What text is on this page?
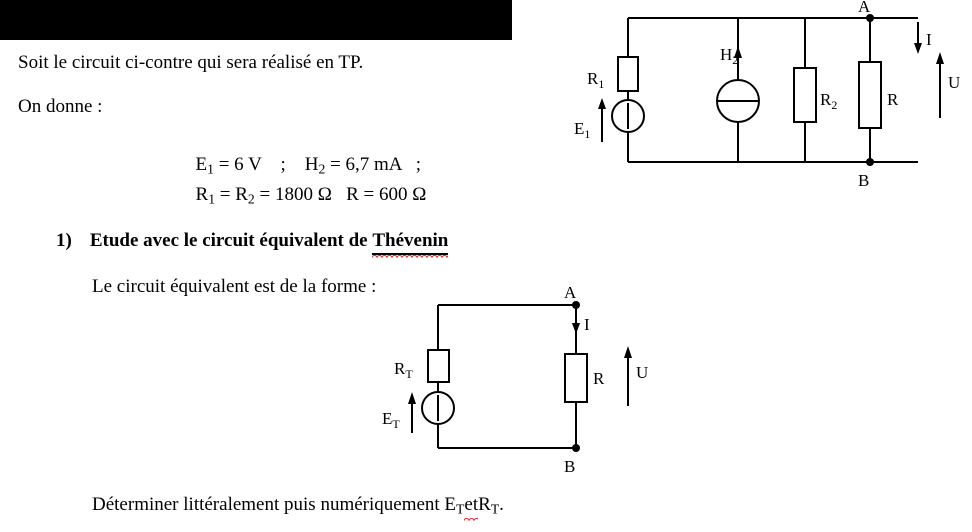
Soit le circuit ci-contre qui sera réalisé en TP.
On donne :

$E_1 = 6$ V    ;    $H_2 = 6,7$ mA   ;

$R_1 = R_2 = 1800$ Ω   R = 600 Ω

1) Etude avec le circuit équivalent de Thévenin
Le circuit équivalent est de la forme :
Déterminer littéralement puis numériquement $E_TetR_T$.
$R_1$
$E_1$
$H_2$
$R_2$	R
A
B
I
U
$R_T$
$E_T$
R
A
B
I
U
